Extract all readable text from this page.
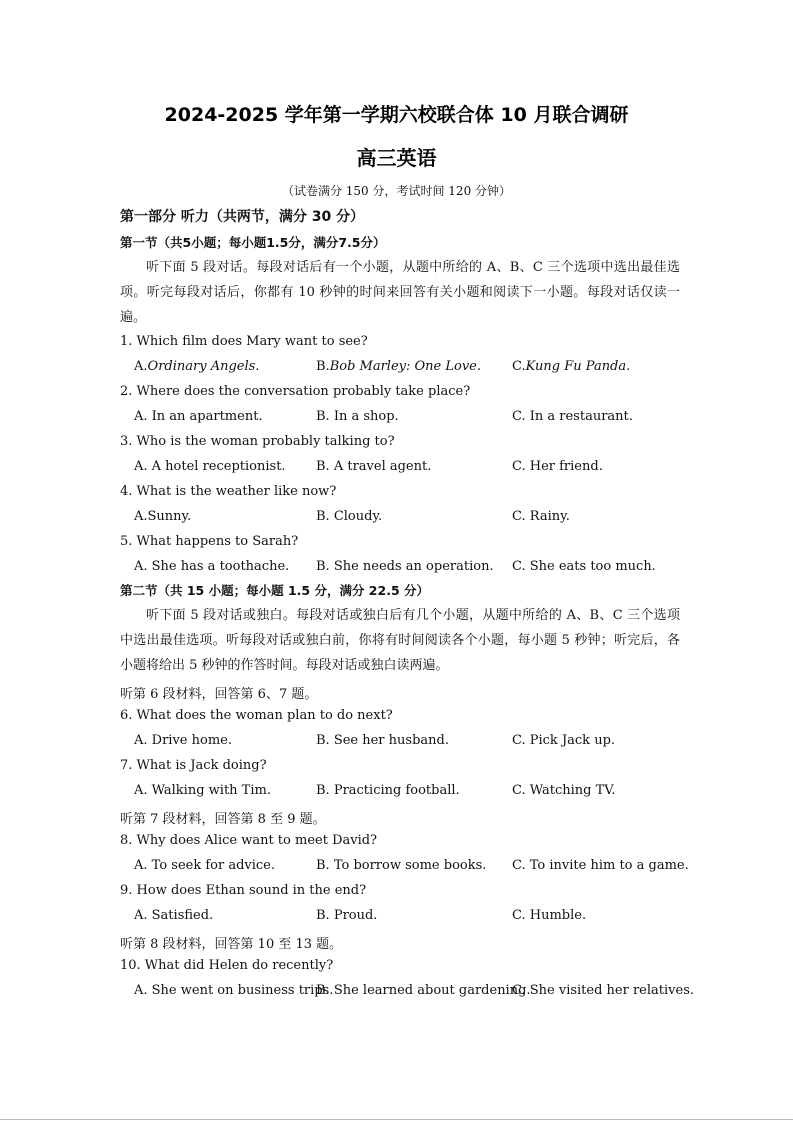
2024-2025 学年第一学期六校联合体 10 月联合调研
高三英语
（试卷满分 150 分，考试时间 120 分钟）
第一部分 听力（共两节，满分 30 分）
第一节（共5小题；每小题1.5分，满分7.5分）
听下面 5 段对话。每段对话后有一个小题，从题中所给的 A、B、C 三个选项中选出最佳选项。听完每段对话后，你都有 10 秒钟的时间来回答有关小题和阅读下一小题。每段对话仅读一遍。
1. Which film does Mary want to see?
A.Ordinary Angels.	B.Bob Marley: One Love. C.Kung Fu Panda.
2. Where does the conversation probably take place?
A. In an apartment.	B. In a shop.	C. In a restaurant.
3. Who is the woman probably talking to?
A. A hotel receptionist. B. A travel agent.	C. Her friend.
4. What is the weather like now?
A.Sunny.	B. Cloudy.	C. Rainy.
5. What happens to Sarah?
A. She has a toothache. B. She needs an operation. C. She eats too much.
第二节（共 15 小题；每小题 1.5 分，满分 22.5 分）
听下面 5 段对话或独白。每段对话或独白后有几个小题，从题中所给的 A、B、C 三个选项中选出最佳选项。听每段对话或独白前，你将有时间阅读各个小题，每小题 5 秒钟；听完后，各小题将给出 5 秒钟的作答时间。每段对话或独白读两遍。
听第 6 段材料，回答第 6、7 题。
6. What does the woman plan to do next?
A. Drive home.	B. See her husband.	C. Pick Jack up.
7. What is Jack doing?
A. Walking with Tim.	B. Practicing football.	C. Watching TV.
听第 7 段材料，回答第 8 至 9 题。
8. Why does Alice want to meet David?
A. To seek for advice.	B. To borrow some books. C. To invite him to a game.
9. How does Ethan sound in the end?
A. Satisfied.	B. Proud.	C. Humble.
听第 8 段材料，回答第 10 至 13 题。
10. What did Helen do recently?
A. She went on business trips.
B. She learned about gardening.
C. She visited her relatives.
